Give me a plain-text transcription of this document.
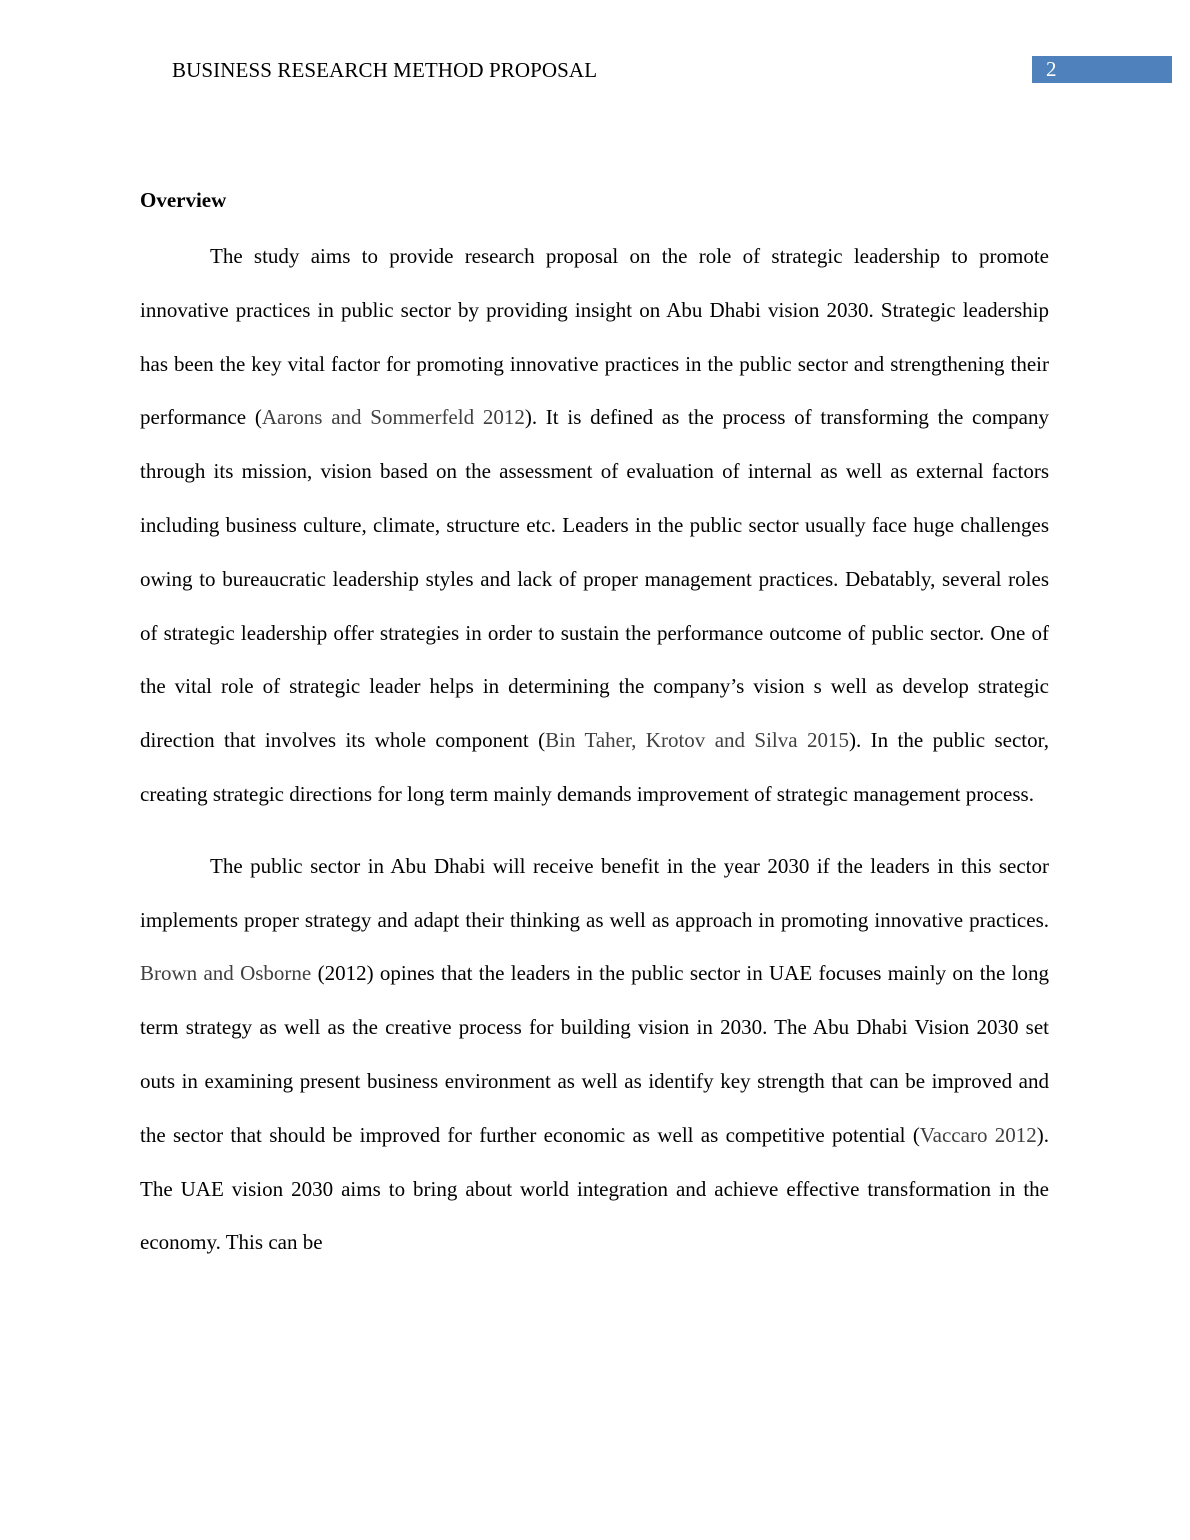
BUSINESS RESEARCH METHOD PROPOSAL	2
Overview

The study aims to provide research proposal on the role of strategic leadership to promote innovative practices in public sector by providing insight on Abu Dhabi vision 2030. Strategic leadership has been the key vital factor for promoting innovative practices in the public sector and strengthening their performance (Aarons and Sommerfeld 2012). It is defined as the process of transforming the company through its mission, vision based on the assessment of evaluation of internal as well as external factors including business culture, climate, structure etc. Leaders in the public sector usually face huge challenges owing to bureaucratic leadership styles and lack of proper management practices. Debatably, several roles of strategic leadership offer strategies in order to sustain the performance outcome of public sector. One of the vital role of strategic leader helps in determining the company’s vision s well as develop strategic direction that involves its whole component (Bin Taher, Krotov and Silva 2015). In the public sector, creating strategic directions for long term mainly demands improvement of strategic management process.

The public sector in Abu Dhabi will receive benefit in the year 2030 if the leaders in this sector implements proper strategy and adapt their thinking as well as approach in promoting innovative practices. Brown and Osborne (2012) opines that the leaders in the public sector in UAE focuses mainly on the long term strategy as well as the creative process for building vision in 2030. The Abu Dhabi Vision 2030 set outs in examining present business environment as well as identify key strength that can be improved and the sector that should be improved for further economic as well as competitive potential (Vaccaro 2012). The UAE vision 2030 aims to bring about world integration and achieve effective transformation in the economy. This can be
